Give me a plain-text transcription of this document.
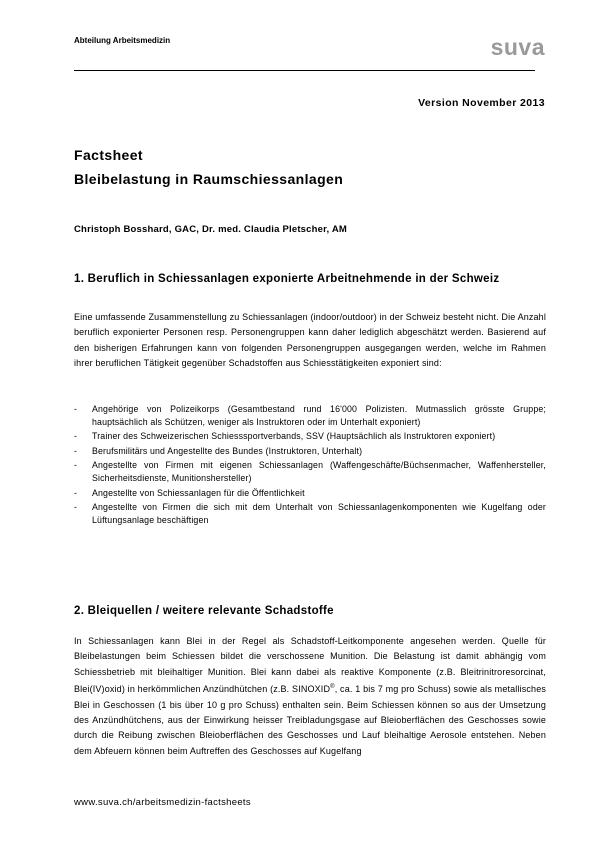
Abteilung Arbeitsmedizin	suva
Version November 2013
Factsheet
Bleibelastung in Raumschiessanlagen
Christoph Bosshard, GAC, Dr. med. Claudia Pletscher, AM
1. Beruflich in Schiessanlagen exponierte Arbeitnehmende in der Schweiz
Eine umfassende Zusammenstellung zu Schiessanlagen (indoor/outdoor) in der Schweiz besteht nicht. Die Anzahl beruflich exponierter Personen resp. Personengruppen kann daher lediglich abgeschätzt werden. Basierend auf den bisherigen Erfahrungen kann von folgenden Personengruppen ausgegangen werden, welche im Rahmen ihrer beruflichen Tätigkeit gegenüber Schadstoffen aus Schiesstätigkeiten exponiert sind:
- Angehörige von Polizeikorps (Gesamtbestand rund 16'000 Polizisten. Mutmasslich grösste Gruppe; hauptsächlich als Schützen, weniger als Instruktoren oder im Unterhalt exponiert)
- Trainer des Schweizerischen Schiesssportverbands, SSV (Hauptsächlich als Instruktoren exponiert)
- Berufsmilitärs und Angestellte des Bundes (Instruktoren, Unterhalt)
- Angestellte von Firmen mit eigenen Schiessanlagen (Waffengeschäfte/Büchsenmacher, Waffenhersteller, Sicherheitsdienste, Munitionshersteller)
- Angestellte von Schiessanlagen für die Öffentlichkeit
- Angestellte von Firmen die sich mit dem Unterhalt von Schiessanlagenkomponenten wie Kugelfang oder Lüftungsanlage beschäftigen
2. Bleiquellen / weitere relevante Schadstoffe
In Schiessanlagen kann Blei in der Regel als Schadstoff-Leitkomponente angesehen werden. Quelle für Bleibelastungen beim Schiessen bildet die verschossene Munition. Die Belastung ist damit abhängig vom Schiessbetrieb mit bleihaltiger Munition. Blei kann dabei als reaktive Komponente (z.B. Bleitrinitroresorcinat, Blei(IV)oxid) in herkömmlichen Anzündhütchen (z.B. SINOXID®, ca. 1 bis 7 mg pro Schuss) sowie als metallisches Blei in Geschossen (1 bis über 10 g pro Schuss) enthalten sein. Beim Schiessen können so aus der Umsetzung des Anzündhütchens, aus der Einwirkung heisser Treibladungsgase auf Bleioberflächen des Geschosses sowie durch die Reibung zwischen Bleioberflächen des Geschosses und Lauf bleihaltige Aerosole entstehen. Neben dem Abfeuern können beim Auftreffen des Geschosses auf Kugelfang
www.suva.ch/arbeitsmedizin-factsheets
